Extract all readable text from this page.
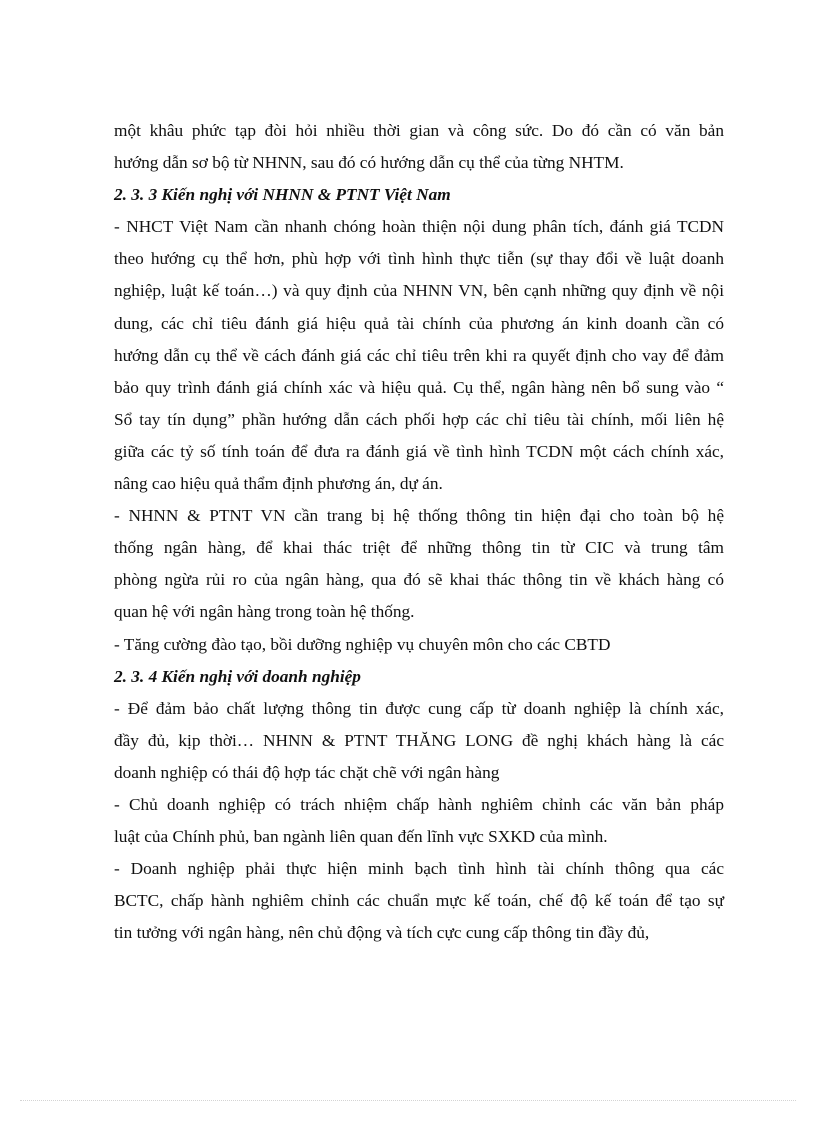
một khâu phức tạp đòi hỏi nhiều thời gian và công sức. Do đó cần có văn bản
hướng dẫn sơ bộ từ NHNN, sau đó có hướng dẫn cụ thể của từng NHTM.
2. 3. 3 Kiến nghị với NHNN & PTNT Việt Nam
- NHCT Việt Nam cần nhanh chóng hoàn thiện nội dung phân tích, đánh giá TCDN
theo hướng cụ thể hơn, phù hợp với tình hình thực tiễn (sự thay đổi về luật doanh
nghiệp, luật kế toán…) và quy định của NHNN VN, bên cạnh những quy định về nội
dung, các chỉ tiêu đánh giá hiệu quả tài chính của phương án kinh doanh cần có
hướng dẫn cụ thể về cách đánh giá các chỉ tiêu trên khi ra quyết định cho vay để đảm
bảo quy trình đánh giá chính xác và hiệu quả. Cụ thể, ngân hàng nên bổ sung vào “
Sổ tay tín dụng” phần hướng dẫn cách phối hợp các chỉ tiêu tài chính, mối liên hệ
giữa các tỷ số tính toán để đưa ra đánh giá về tình hình TCDN một cách chính xác,
nâng cao hiệu quả thẩm định phương án, dự án.
- NHNN & PTNT VN cần trang bị hệ thống thông tin hiện đại cho toàn bộ hệ
thống ngân hàng, để khai thác triệt để những thông tin từ CIC và trung tâm
phòng ngừa rủi ro của ngân hàng, qua đó sẽ khai thác thông tin về khách hàng có
quan hệ với ngân hàng trong toàn hệ thống.
- Tăng cường đào tạo, bồi dưỡng nghiệp vụ chuyên môn cho các CBTD
2. 3. 4 Kiến nghị với doanh nghiệp
- Để đảm bảo chất lượng thông tin được cung cấp từ doanh nghiệp là chính xác,
đầy đủ, kịp thời… NHNN & PTNT THĂNG LONG đề nghị khách hàng là các
doanh nghiệp có thái độ hợp tác chặt chẽ với ngân hàng
- Chủ doanh nghiệp có trách nhiệm chấp hành nghiêm chỉnh các văn bản pháp
luật của Chính phủ, ban ngành liên quan đến lĩnh vực SXKD của mình.
- Doanh nghiệp phải thực hiện minh bạch tình hình tài chính thông qua các
BCTC, chấp hành nghiêm chỉnh các chuẩn mực kế toán, chế độ kế toán để tạo sự
tin tưởng với ngân hàng, nên chủ động và tích cực cung cấp thông tin đầy đủ,
